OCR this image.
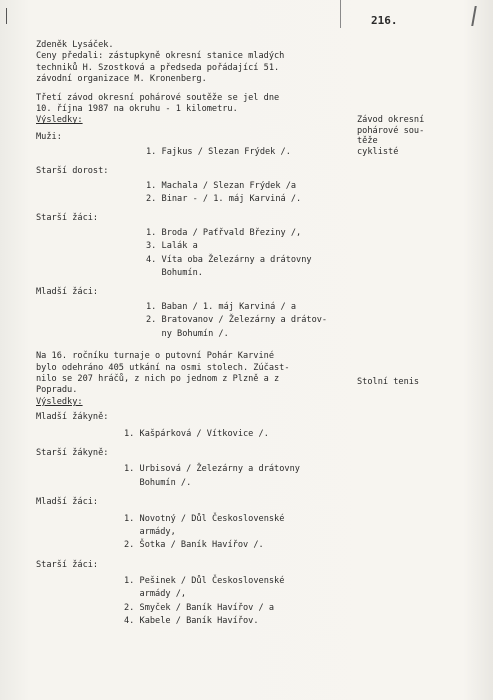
216.
Zdeněk Lysáček.
Ceny předali: zástupkyně okresní stanice mladých
techniků H. Szostková a předseda pořádající 51.
závodní organizace M. Kronenberg.
Třetí závod okresní pohárové soutěže se jel dne
10. října 1987 na okruhu - 1 kilometru.
Výsledky:
Muži:
1. Fajkus / Slezan Frýdek /.
Starší dorost:
1. Machala / Slezan Frýdek /a
2. Binar - / 1. máj Karviná /.
Starší žáci:
1. Broda / Paťřvald Březiny /,
3. Lalák a
4. Víta oba Železárny a drátovny
Bohumín.
Mladší žáci:
1. Baban / 1. máj Karviná / a
2. Bratovanov / Železárny a drátov-
ny Bohumín /.
Na 16. ročníku turnaje o putovní Pohár Karviné
bylo odehráno 405 utkání na osmi stolech. Zúčast-
nilo se 207 hráčů, z nich po jednom z Plzně a z
Popradu.
Výsledky:
Mladší žákyně:
1. Kašpárková / Vítkovice /.
Starší žákyně:
1. Urbisová / Železárny a drátovny
Bohumín /.
Mladší žáci:
1. Novotný / Důl Československé
armády,
2. Šotka / Baník Havířov /.
Starší žáci:
1. Pešinek / Důl Československé
armády /,
2. Smyček / Baník Havířov / a
4. Kabele / Baník Havířov.

Závod okresní
pohárové sou-
těže
cyklisté

Stolní tenis
